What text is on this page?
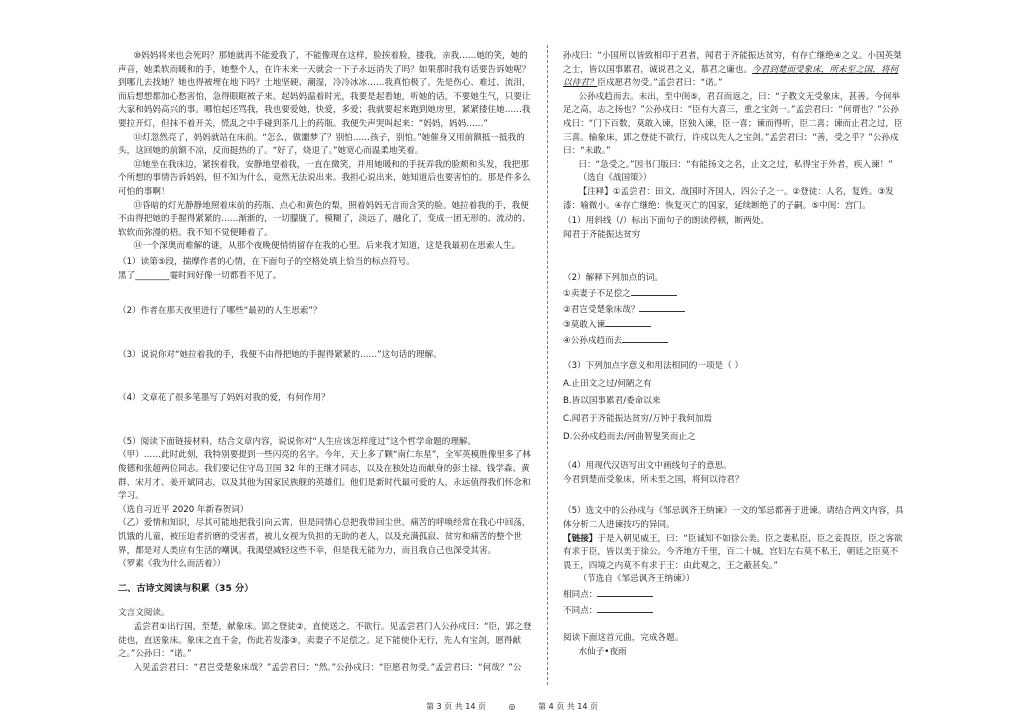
⑩妈妈将来也会死吗？那她就再不能爱我了，不能像现在这样，脸挨着脸，搂我，亲我……她的笑，她的声音，她柔软而暖和的手，她整个人，在许未来一天就会一下子永远消失了吗？如果那时我有话要告诉她呢？到哪儿去找她？她也得被埋在地下吗？土地坚硬、潮湿，冷冷冰冰……我真怕极了。先是伤心、难过、流泪，而后想想都加心愁害怕，急得眼眶被子来。起妈妈温着时光，我要是起看她，听她的话，不要她生气，只要让大家和妈妈高兴的事。哪怕起还骂我，我也要爱她，快爱，多爱；我就要起来跑到她房里，紧紧搂住她……我要拉开灯，但抹不着开关，慌乱之中手碰到茶几上的药瓶。我便失声哭叫起来：“妈妈，妈妈……”

⑪灯忽然亮了，妈妈就站在床前。“怎么，做噩梦了？别怕……孩子，别怕。”她催身又用前额抵一抵我的头，这回她的前额不凉，反而挺热的了。“好了，烧退了。”她宽心而温柔地笑着。

⑫她坐在我床边，紧挨着我，安静地望着我，一直在微笑，并用她暖和的手抚弄我的脸颊和头发，我把那个所想的事情告诉妈妈，但不知为什么，竟然无法说出来。我担心说出来，她知道后也要害怕的。那是件多么可怕的事啊！

⑬昏暗的灯光静静地照着床前的药瓶、点心和黄色的梨，照着妈妈无言而含笑的脸。她拉着我的手，我便不由得把她的手握得紧紧的……渐渐的，一切朦胧了，模糊了，淡远了，融化了，变成一团无形的、流动的、软软而弥漫的梧。我不知不觉便睡着了。

⑭一个深奥而难解的谜，从那个夜晚便悄悄留存在我的心里。后来我才知道，这是我最初在思索人生。

（1）读第⑤段，揣摩作者的心情，在下面句子的空格处填上恰当的标点符号。

黑了________霎时间好像一切都看不见了。

（2）作者在那天夜里进行了哪些“最初的人生思索”？

（3）说说你对“她拉着我的手，我便不由得把她的手握得紧紧的……”这句话的理解。

（4）文章花了很多笔墨写了妈妈对我的爱，有何作用？

（5）阅读下面链接材料，结合文章内容，说说你对“人生应该怎样度过”这个哲学命题的理解。

（甲）……此时此刻，我特别要提到一些闪亮的名字。今年，天上多了颗“南仁东星”，全军英模胜像里多了林俊德和张超两位同志。我们要记住守岛卫国 32 年的王继才同志，以及在独处边而献身的彭士禄、钱学森、黄群、宋月才、姜开斌同志，以及其他为国家民族舰的英雄们。他们是新时代最可爱的人，永远值得我们怀念和学习。

（选自习近平 2020 年新春贺词）

（乙）爱情和知识，尽其可能地把我引向云霄，但是同情心总把我带回尘世。痛苦的呼唤经常在我心中回荡，饥饿的儿童，被压迫者折磨的受害者，被儿女视为负担的无助的老人，以及充满孤寂、贫穷和痛苦的整个世界，都是对人类应有生活的嘲讽。我渴望减轻这些不幸，但是我无能为力，而且我自己也深受其害。

（罗素《我为什么而活着》）

二、古诗文阅读与积累（35 分）

文言文阅读。

孟尝君①出行国，至楚，献象床。郢之登徒②，直使送之，不欲行。见孟尝君门人公孙戍曰：“臣，郢之登徒也，直送象床。象床之直千金，伤此若发漆③，卖妻子不足偿之。足下能使仆无行，先人有宝剑，愿得献之。”公孙曰：“诺。”

入见孟尝君曰：“君岂受楚象床哉？”孟尝君曰：“然。”公孙戍曰：“臣愿君勿受。”孟尝君曰：“何哉？”公

孙戍曰：“小国所以皆致相印于君者，闻君于齐能振达贫穷，有存亡继绝④之义。小国英桀之士，皆以国事累君，诚说君之义，慕君之廉也。今君到楚而受象床，所未至之国，将何以待君？臣戍愿君勿受。”孟尝君曰：“诺。”

公孙戍趋而去。未出，至中闺⑤，君召而返之，曰：“子教文无受象床，甚善。今何举足之高，志之扬也？”公孙戍曰：“臣有大喜三，重之宝剑一。”孟尝君曰：“何谓也？”公孙戍曰：“门下百数，莫敢入谏，臣独入谏，臣一喜；谏而得听，臣二喜；谏而止君之过，臣三喜。输象床，郢之登徒不欲行，许戍以先人之宝剑。”孟尝君曰：“善，受之乎？”公孙戍曰：“未敢。”

曰：“急受之。”因书门版曰：“有能扬文之名，止文之过，私得宝于外者，疾入谏！”

（选自《战国策》）

【注释】①孟尝君：田文，战国时齐国人，四公子之一。②登徒：人名，复姓。③发漆：喻微小。④存亡继绝：恢复灭亡的国家，延续断绝了的子嗣。⑤中闺：宫门。

（1）用斜线（/）标出下面句子的朗读停顿，断两处。

闻君于齐能振达贫穷

（2）解释下列加点的词。

①卖妻子不足偿之

②君岂受楚象床哉？

③莫敢入谏

④公孙戍趋而去

（3）下列加点字意义和用法相同的一项是（ ）

A.止田文之过/何陋之有

B.皆以国事累君/委命以来

C.闻君于齐能振达贫穷/万钟于我何加焉

D.公孙戍趋而去/河曲智叟笑而止之

（4）用现代汉语写出文中画线句子的意思。

今君到楚而受象床，所未至之国，将何以待君？

（5）选文中的公孙戍与《邹忌讽齐王纳谏》一文的邹忌都善于进谏。请结合两文内容，具体分析二人进谏技巧的异同。

【链接】于是入朝见威王，曰：“臣诚知不如徐公美。臣之妻私臣，臣之妾畏臣，臣之客欲有求于臣，皆以美于徐公。今齐地方千里，百二十城，宫妇左右莫不私王，朝廷之臣莫不畏王，四境之内莫不有求于王：由此观之，王之蔽甚矣。”

（节选自《邹忌讽齐王纳谏》）

相同点：

不同点：

阅读下面这首元曲，完成各题。

水仙子•夜雨

第 3 页 共 14 页	◎	第 4 页 共 14 页
